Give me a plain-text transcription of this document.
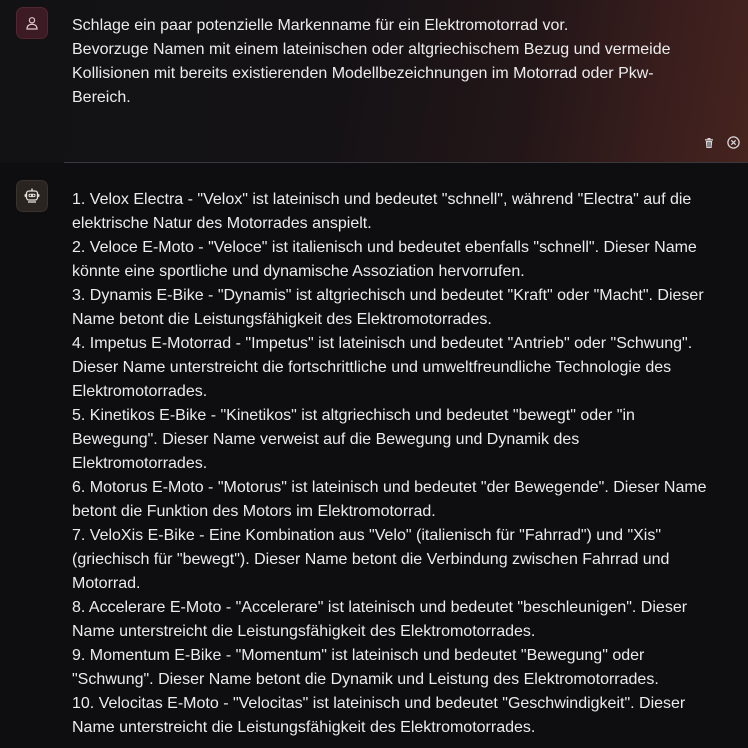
Schlage ein paar potenzielle Markenname für ein Elektromotorrad vor.

Bevorzuge Namen mit einem lateinischen oder altgriechischem Bezug und vermeide Kollisionen mit bereits existierenden Modellbezeichnungen im Motorrad oder Pkw-Bereich.

1. Velox Electra - "Velox" ist lateinisch und bedeutet "schnell", während "Electra" auf die elektrische Natur des Motorrades anspielt.

2. Veloce E-Moto - "Veloce" ist italienisch und bedeutet ebenfalls "schnell". Dieser Name könnte eine sportliche und dynamische Assoziation hervorrufen.

3. Dynamis E-Bike - "Dynamis" ist altgriechisch und bedeutet "Kraft" oder "Macht". Dieser Name betont die Leistungsfähigkeit des Elektromotorrades.

4. Impetus E-Motorrad - "Impetus" ist lateinisch und bedeutet "Antrieb" oder "Schwung". Dieser Name unterstreicht die fortschrittliche und umweltfreundliche Technologie des Elektromotorrades.

5. Kinetikos E-Bike - "Kinetikos" ist altgriechisch und bedeutet "bewegt" oder "in Bewegung". Dieser Name verweist auf die Bewegung und Dynamik des Elektromotorrades.

6. Motorus E-Moto - "Motorus" ist lateinisch und bedeutet "der Bewegende". Dieser Name betont die Funktion des Motors im Elektromotorrad.

7. VeloXis E-Bike - Eine Kombination aus "Velo" (italienisch für "Fahrrad") und "Xis" (griechisch für "bewegt"). Dieser Name betont die Verbindung zwischen Fahrrad und Motorrad.

8. Accelerare E-Moto - "Accelerare" ist lateinisch und bedeutet "beschleunigen". Dieser Name unterstreicht die Leistungsfähigkeit des Elektromotorrades.

9. Momentum E-Bike - "Momentum" ist lateinisch und bedeutet "Bewegung" oder "Schwung". Dieser Name betont die Dynamik und Leistung des Elektromotorrades.

10. Velocitas E-Moto - "Velocitas" ist lateinisch und bedeutet "Geschwindigkeit". Dieser Name unterstreicht die Leistungsfähigkeit des Elektromotorrades.
